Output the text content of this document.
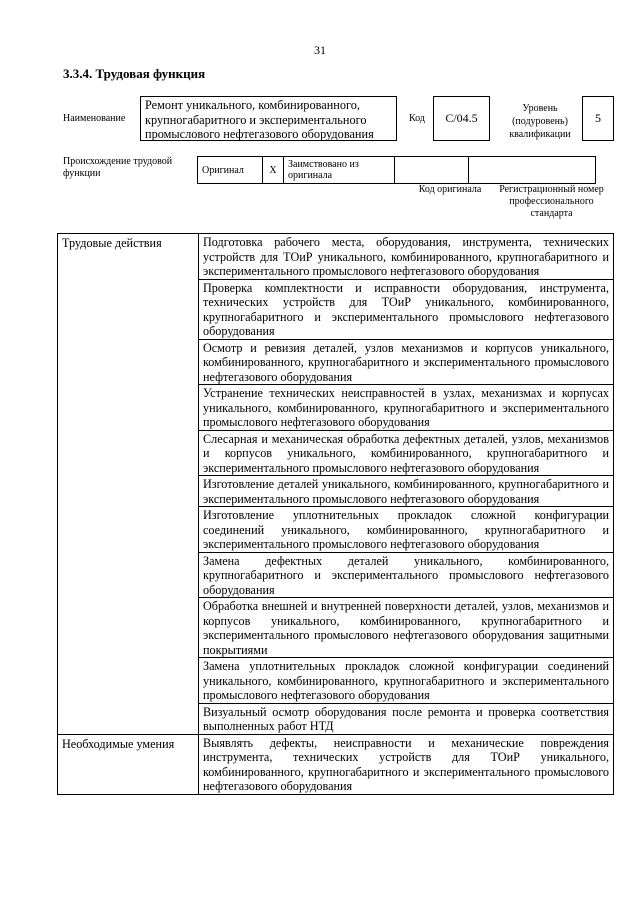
31
3.3.4. Трудовая функция
Наименование
Ремонт уникального, комбинированного, крупногабаритного и экспериментального промыслового нефтегазового оборудования
Код	C/04.5
Уровень (подуровень) квалификации
5
Происхождение трудовой функции	Оригинал	X	Заимствовано из оригинала		
Код оригинала	Регистрационный номер профессионального стандарта
Трудовые действия	Подготовка рабочего места, оборудования, инструмента, технических устройств для ТОиР уникального, комбинированного, крупногабаритного и экспериментального промыслового нефтегазового оборудования
	Проверка комплектности и исправности оборудования, инструмента, технических устройств для ТОиР уникального, комбинированного, крупногабаритного и экспериментального промыслового нефтегазового оборудования
	Осмотр и ревизия деталей, узлов механизмов и корпусов уникального, комбинированного, крупногабаритного и экспериментального промыслового нефтегазового оборудования
	Устранение технических неисправностей в узлах, механизмах и корпусах уникального, комбинированного, крупногабаритного и экспериментального промыслового нефтегазового оборудования
	Слесарная и механическая обработка дефектных деталей, узлов, механизмов и корпусов уникального, комбинированного, крупногабаритного и экспериментального промыслового нефтегазового оборудования
	Изготовление деталей уникального, комбинированного, крупногабаритного и экспериментального промыслового нефтегазового оборудования
	Изготовление уплотнительных прокладок сложной конфигурации соединений уникального, комбинированного, крупногабаритного и экспериментального промыслового нефтегазового оборудования
	Замена дефектных деталей уникального, комбинированного, крупногабаритного и экспериментального промыслового нефтегазового оборудования
	Обработка внешней и внутренней поверхности деталей, узлов, механизмов и корпусов уникального, комбинированного, крупногабаритного и экспериментального промыслового нефтегазового оборудования защитными покрытиями
	Замена уплотнительных прокладок сложной конфигурации соединений уникального, комбинированного, крупногабаритного и экспериментального промыслового нефтегазового оборудования
	Визуальный осмотр оборудования после ремонта и проверка соответствия выполненных работ НТД
Необходимые умения	Выявлять дефекты, неисправности и механические повреждения инструмента, технических устройств для ТОиР уникального, комбинированного, крупногабаритного и экспериментального промыслового нефтегазового оборудования
